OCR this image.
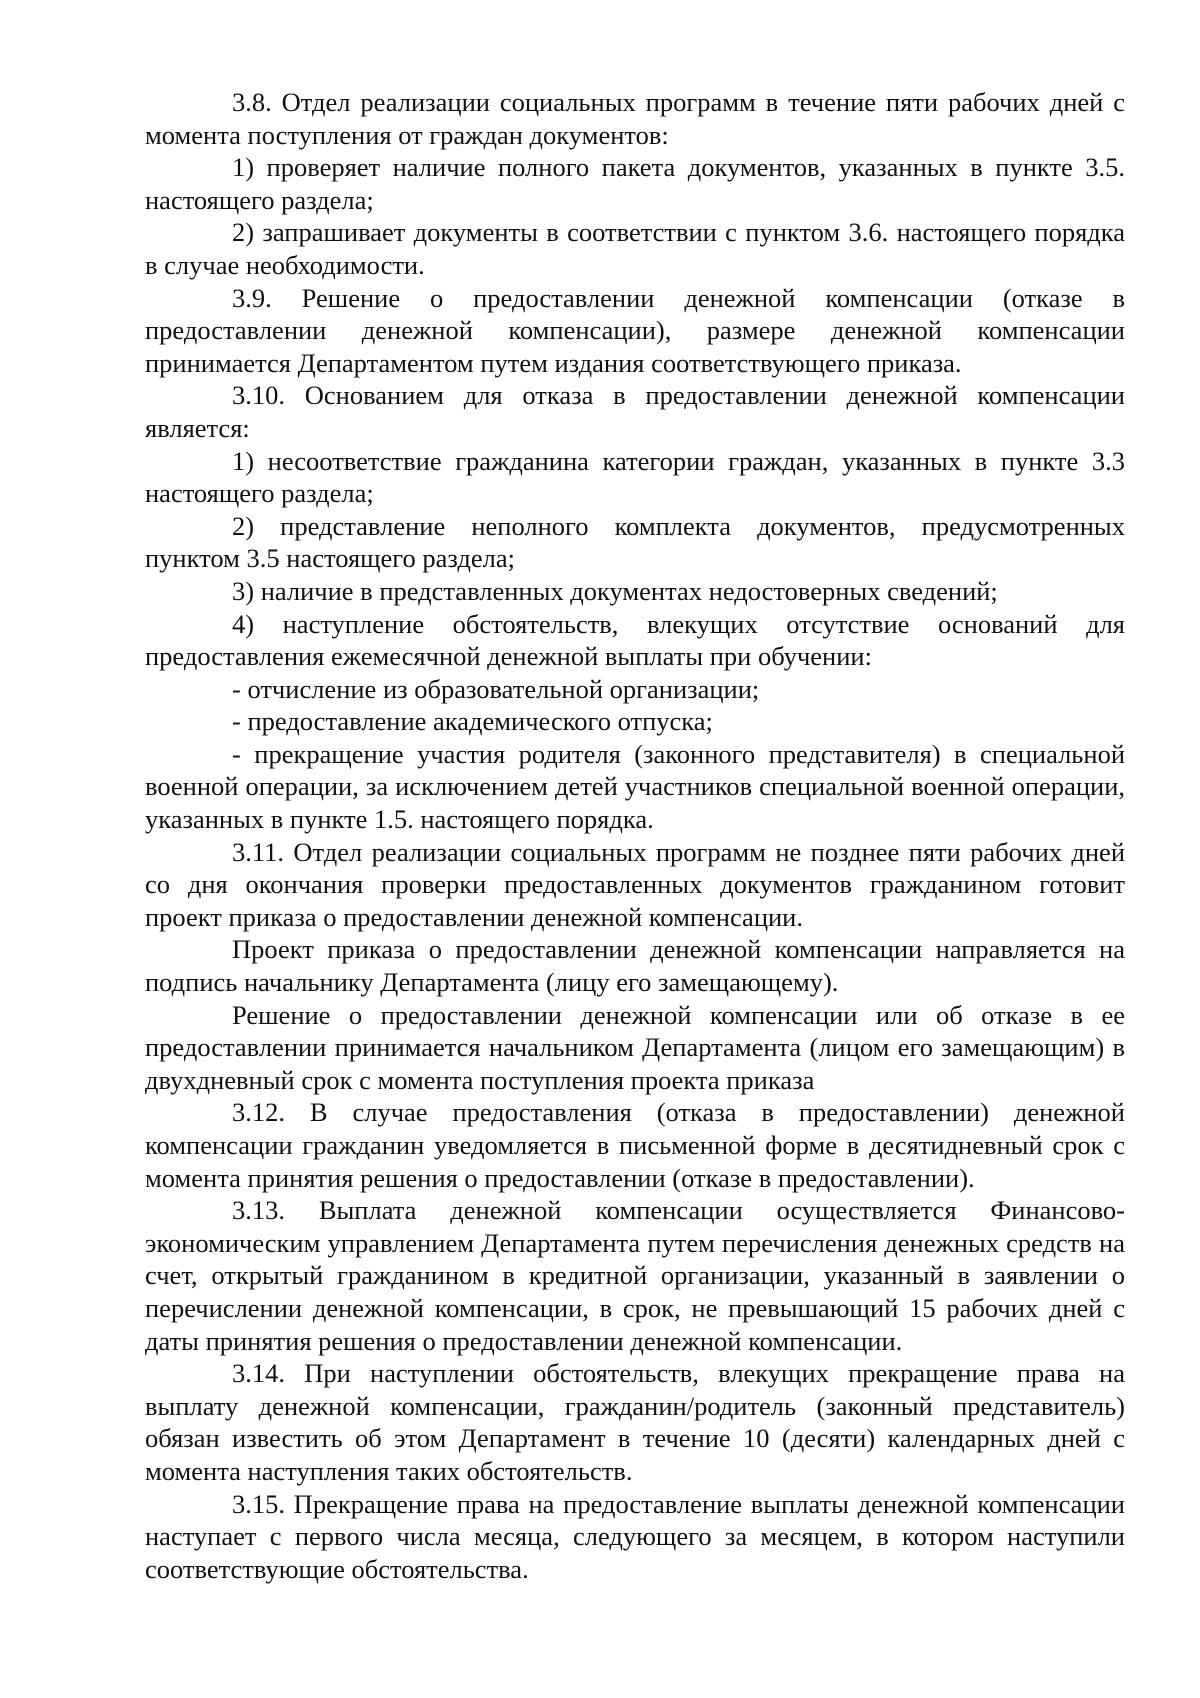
3.8. Отдел реализации социальных программ в течение пяти рабочих дней с момента поступления от граждан документов:

1) проверяет наличие полного пакета документов, указанных в пункте 3.5. настоящего раздела;

2) запрашивает документы в соответствии с пунктом 3.6. настоящего порядка в случае необходимости.

3.9. Решение о предоставлении денежной компенсации (отказе в предоставлении денежной компенсации), размере денежной компенсации принимается Департаментом путем издания соответствующего приказа.

3.10. Основанием для отказа в предоставлении денежной компенсации является:

1) несоответствие гражданина категории граждан, указанных в пункте 3.3 настоящего раздела;

2) представление неполного комплекта документов, предусмотренных пунктом 3.5 настоящего раздела;

3) наличие в представленных документах недостоверных сведений;

4) наступление обстоятельств, влекущих отсутствие оснований для предоставления ежемесячной денежной выплаты при обучении:

- отчисление из образовательной организации;

- предоставление академического отпуска;

- прекращение участия родителя (законного представителя) в специальной военной операции, за исключением детей участников специальной военной операции, указанных в пункте 1.5. настоящего порядка.

3.11. Отдел реализации социальных программ не позднее пяти рабочих дней со дня окончания проверки предоставленных документов гражданином готовит проект приказа о предоставлении денежной компенсации.

Проект приказа о предоставлении денежной компенсации направляется на подпись начальнику Департамента (лицу его замещающему).

Решение о предоставлении денежной компенсации или об отказе в ее предоставлении принимается начальником Департамента (лицом его замещающим) в двухдневный срок с момента поступления проекта приказа

3.12. В случае предоставления (отказа в предоставлении) денежной компенсации гражданин уведомляется в письменной форме в десятидневный срок с момента принятия решения о предоставлении (отказе в предоставлении).

3.13. Выплата денежной компенсации осуществляется Финансово-экономическим управлением Департамента путем перечисления денежных средств на счет, открытый гражданином в кредитной организации, указанный в заявлении о перечислении денежной компенсации, в срок, не превышающий 15 рабочих дней с даты принятия решения о предоставлении денежной компенсации.

3.14. При наступлении обстоятельств, влекущих прекращение права на выплату денежной компенсации, гражданин/родитель (законный представитель) обязан известить об этом Департамент в течение 10 (десяти) календарных дней с момента наступления таких обстоятельств.

3.15. Прекращение права на предоставление выплаты денежной компенсации наступает с первого числа месяца, следующего за месяцем, в котором наступили соответствующие обстоятельства.
